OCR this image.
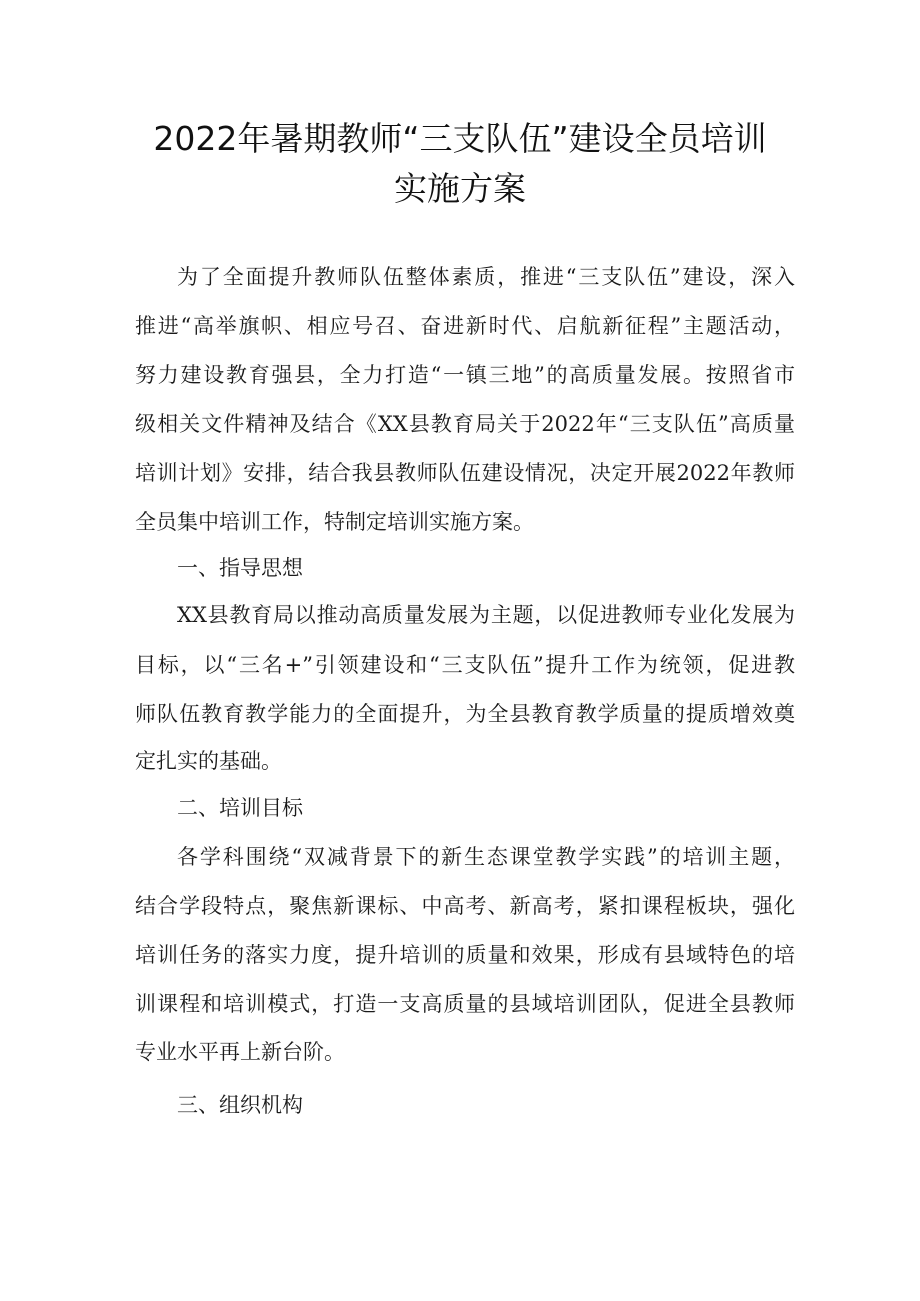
2022年暑期教师“三支队伍”建设全员培训
实施方案

为了全面提升教师队伍整体素质，推进“三支队伍”建设，深入

推进“高举旗帜、相应号召、奋进新时代、启航新征程”主题活动，

努力建设教育强县，全力打造“一镇三地”的高质量发展。按照省市

级相关文件精神及结合《XX县教育局关于2022年“三支队伍”高质量

培训计划》安排，结合我县教师队伍建设情况，决定开展2022年教师

全员集中培训工作，特制定培训实施方案。

一、指导思想

XX县教育局以推动高质量发展为主题，以促进教师专业化发展为

目标，以“三名+”引领建设和“三支队伍”提升工作为统领，促进教

师队伍教育教学能力的全面提升，为全县教育教学质量的提质增效奠

定扎实的基础。

二、培训目标

各学科围绕“双减背景下的新生态课堂教学实践”的培训主题，

结合学段特点，聚焦新课标、中高考、新高考，紧扣课程板块，强化

培训任务的落实力度，提升培训的质量和效果，形成有县域特色的培

训课程和培训模式，打造一支高质量的县域培训团队，促进全县教师

专业水平再上新台阶。

三、组织机构
